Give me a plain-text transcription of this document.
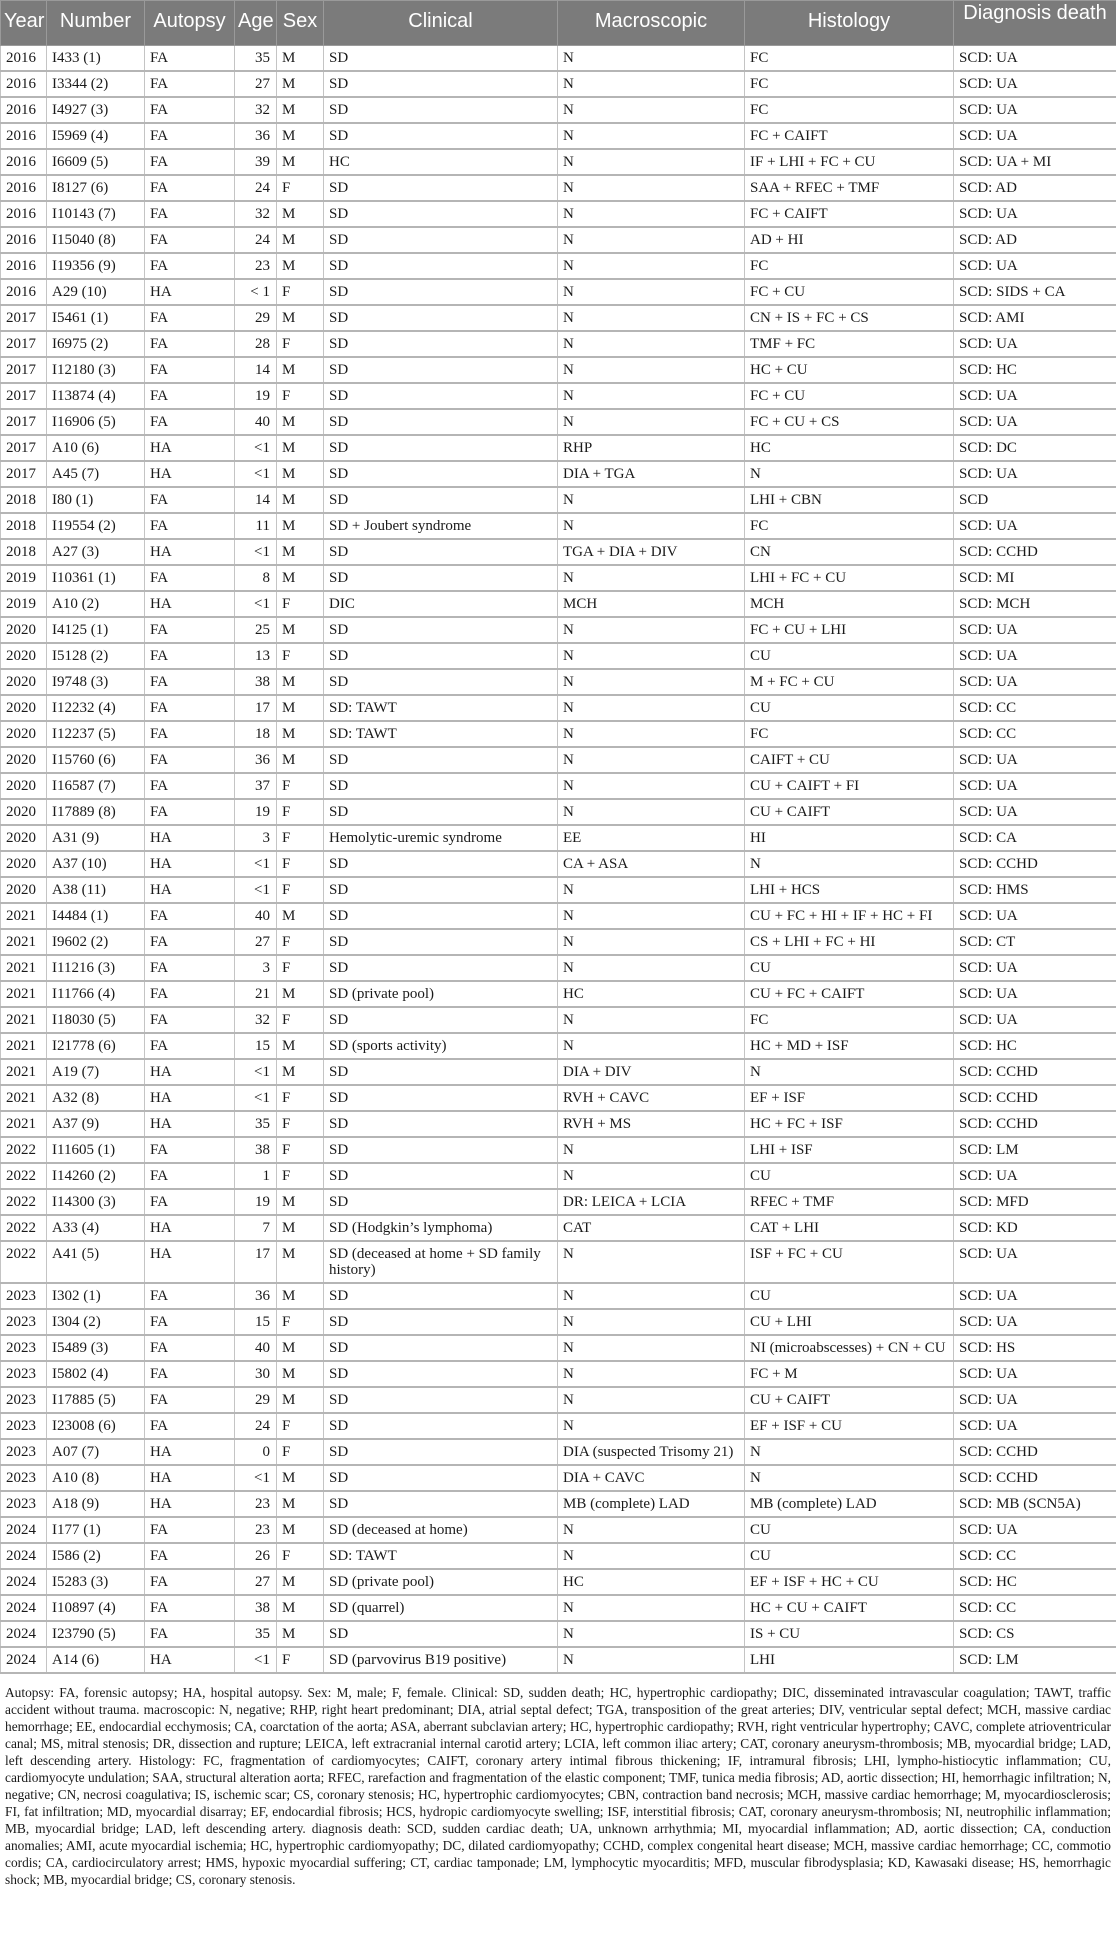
Year	Number	Autopsy	Age	Sex	Clinical	Macroscopic	Histology	Diagnosis death
2016	I433 (1)	FA	35	M	SD	N	FC	SCD: UA
2016	I3344 (2)	FA	27	M	SD	N	FC	SCD: UA
2016	I4927 (3)	FA	32	M	SD	N	FC	SCD: UA
2016	I5969 (4)	FA	36	M	SD	N	FC + CAIFT	SCD: UA
2016	I6609 (5)	FA	39	M	HC	N	IF + LHI + FC + CU	SCD: UA + MI
2016	I8127 (6)	FA	24	F	SD	N	SAA + RFEC + TMF	SCD: AD
2016	I10143 (7)	FA	32	M	SD	N	FC + CAIFT	SCD: UA
2016	I15040 (8)	FA	24	M	SD	N	AD + HI	SCD: AD
2016	I19356 (9)	FA	23	M	SD	N	FC	SCD: UA
2016	A29 (10)	HA	< 1	F	SD	N	FC + CU	SCD: SIDS + CA
2017	I5461 (1)	FA	29	M	SD	N	CN + IS + FC + CS	SCD: AMI
2017	I6975 (2)	FA	28	F	SD	N	TMF + FC	SCD: UA
2017	I12180 (3)	FA	14	M	SD	N	HC + CU	SCD: HC
2017	I13874 (4)	FA	19	F	SD	N	FC + CU	SCD: UA
2017	I16906 (5)	FA	40	M	SD	N	FC + CU + CS	SCD: UA
2017	A10 (6)	HA	<1	M	SD	RHP	HC	SCD: DC
2017	A45 (7)	HA	<1	M	SD	DIA + TGA	N	SCD: UA
2018	I80 (1)	FA	14	M	SD	N	LHI + CBN	SCD
2018	I19554 (2)	FA	11	M	SD + Joubert syndrome	N	FC	SCD: UA
2018	A27 (3)	HA	<1	M	SD	TGA + DIA + DIV	CN	SCD: CCHD
2019	I10361 (1)	FA	8	M	SD	N	LHI + FC + CU	SCD: MI
2019	A10 (2)	HA	<1	F	DIC	MCH	MCH	SCD: MCH
2020	I4125 (1)	FA	25	M	SD	N	FC + CU + LHI	SCD: UA
2020	I5128 (2)	FA	13	F	SD	N	CU	SCD: UA
2020	I9748 (3)	FA	38	M	SD	N	M + FC + CU	SCD: UA
2020	I12232 (4)	FA	17	M	SD: TAWT	N	CU	SCD: CC
2020	I12237 (5)	FA	18	M	SD: TAWT	N	FC	SCD: CC
2020	I15760 (6)	FA	36	M	SD	N	CAIFT + CU	SCD: UA
2020	I16587 (7)	FA	37	F	SD	N	CU + CAIFT + FI	SCD: UA
2020	I17889 (8)	FA	19	F	SD	N	CU + CAIFT	SCD: UA
2020	A31 (9)	HA	3	F	Hemolytic-uremic syndrome	EE	HI	SCD: CA
2020	A37 (10)	HA	<1	F	SD	CA + ASA	N	SCD: CCHD
2020	A38 (11)	HA	<1	F	SD	N	LHI + HCS	SCD: HMS
2021	I4484 (1)	FA	40	M	SD	N	CU + FC + HI + IF + HC + FI	SCD: UA
2021	I9602 (2)	FA	27	F	SD	N	CS + LHI + FC + HI	SCD: CT
2021	I11216 (3)	FA	3	F	SD	N	CU	SCD: UA
2021	I11766 (4)	FA	21	M	SD (private pool)	HC	CU + FC + CAIFT	SCD: UA
2021	I18030 (5)	FA	32	F	SD	N	FC	SCD: UA
2021	I21778 (6)	FA	15	M	SD (sports activity)	N	HC + MD + ISF	SCD: HC
2021	A19 (7)	HA	<1	M	SD	DIA + DIV	N	SCD: CCHD
2021	A32 (8)	HA	<1	F	SD	RVH + CAVC	EF + ISF	SCD: CCHD
2021	A37 (9)	HA	35	F	SD	RVH + MS	HC + FC + ISF	SCD: CCHD
2022	I11605 (1)	FA	38	F	SD	N	LHI + ISF	SCD: LM
2022	I14260 (2)	FA	1	F	SD	N	CU	SCD: UA
2022	I14300 (3)	FA	19	M	SD	DR: LEICA + LCIA	RFEC + TMF	SCD: MFD
2022	A33 (4)	HA	7	M	SD (Hodgkin’s lymphoma)	CAT	CAT + LHI	SCD: KD
2022	A41 (5)	HA	17	M	SD (deceased at home + SD family history)	N	ISF + FC + CU	SCD: UA
2023	I302 (1)	FA	36	M	SD	N	CU	SCD: UA
2023	I304 (2)	FA	15	F	SD	N	CU + LHI	SCD: UA
2023	I5489 (3)	FA	40	M	SD	N	NI (microabscesses) + CN + CU	SCD: HS
2023	I5802 (4)	FA	30	M	SD	N	FC + M	SCD: UA
2023	I17885 (5)	FA	29	M	SD	N	CU + CAIFT	SCD: UA
2023	I23008 (6)	FA	24	F	SD	N	EF + ISF + CU	SCD: UA
2023	A07 (7)	HA	0	F	SD	DIA (suspected Trisomy 21)	N	SCD: CCHD
2023	A10 (8)	HA	<1	M	SD	DIA + CAVC	N	SCD: CCHD
2023	A18 (9)	HA	23	M	SD	MB (complete) LAD	MB (complete) LAD	SCD: MB (SCN5A)
2024	I177 (1)	FA	23	M	SD (deceased at home)	N	CU	SCD: UA
2024	I586 (2)	FA	26	F	SD: TAWT	N	CU	SCD: CC
2024	I5283 (3)	FA	27	M	SD (private pool)	HC	EF + ISF + HC + CU	SCD: HC
2024	I10897 (4)	FA	38	M	SD (quarrel)	N	HC + CU + CAIFT	SCD: CC
2024	I23790 (5)	FA	35	M	SD	N	IS + CU	SCD: CS
2024	A14 (6)	HA	<1	F	SD (parvovirus B19 positive)	N	LHI	SCD: LM

Autopsy: FA, forensic autopsy; HA, hospital autopsy. Sex: M, male; F, female. Clinical: SD, sudden death; HC, hypertrophic cardiopathy; DIC, disseminated intravascular coagulation; TAWT, traffic accident without trauma. macroscopic: N, negative; RHP, right heart predominant; DIA, atrial septal defect; TGA, transposition of the great arteries; DIV, ventricular septal defect; MCH, massive cardiac hemorrhage; EE, endocardial ecchymosis; CA, coarctation of the aorta; ASA, aberrant subclavian artery; HC, hypertrophic cardiopathy; RVH, right ventricular hypertrophy; CAVC, complete atrioventricular canal; MS, mitral stenosis; DR, dissection and rupture; LEICA, left extracranial internal carotid artery; LCIA, left common iliac artery; CAT, coronary aneurysm-thrombosis; MB, myocardial bridge; LAD, left descending artery. Histology: FC, fragmentation of cardiomyocytes; CAIFT, coronary artery intimal fibrous thickening; IF, intramural fibrosis; LHI, lympho-histiocytic inflammation; CU, cardiomyocyte undulation; SAA, structural alteration aorta; RFEC, rarefaction and fragmentation of the elastic component; TMF, tunica media fibrosis; AD, aortic dissection; HI, hemorrhagic infiltration; N, negative; CN, necrosi coagulativa; IS, ischemic scar; CS, coronary stenosis; HC, hypertrophic cardiomyocytes; CBN, contraction band necrosis; MCH, massive cardiac hemorrhage; M, myocardiosclerosis; FI, fat infiltration; MD, myocardial disarray; EF, endocardial fibrosis; HCS, hydropic cardiomyocyte swelling; ISF, interstitial fibrosis; CAT, coronary aneurysm-thrombosis; NI, neutrophilic inflammation; MB, myocardial bridge; LAD, left descending artery. diagnosis death: SCD, sudden cardiac death; UA, unknown arrhythmia; MI, myocardial inflammation; AD, aortic dissection; CA, conduction anomalies; AMI, acute myocardial ischemia; HC, hypertrophic cardiomyopathy; DC, dilated cardiomyopathy; CCHD, complex congenital heart disease; MCH, massive cardiac hemorrhage; CC, commotio cordis; CA, cardiocirculatory arrest; HMS, hypoxic myocardial suffering; CT, cardiac tamponade; LM, lymphocytic myocarditis; MFD, muscular fibrodysplasia; KD, Kawasaki disease; HS, hemorrhagic shock; MB, myocardial bridge; CS, coronary stenosis.
